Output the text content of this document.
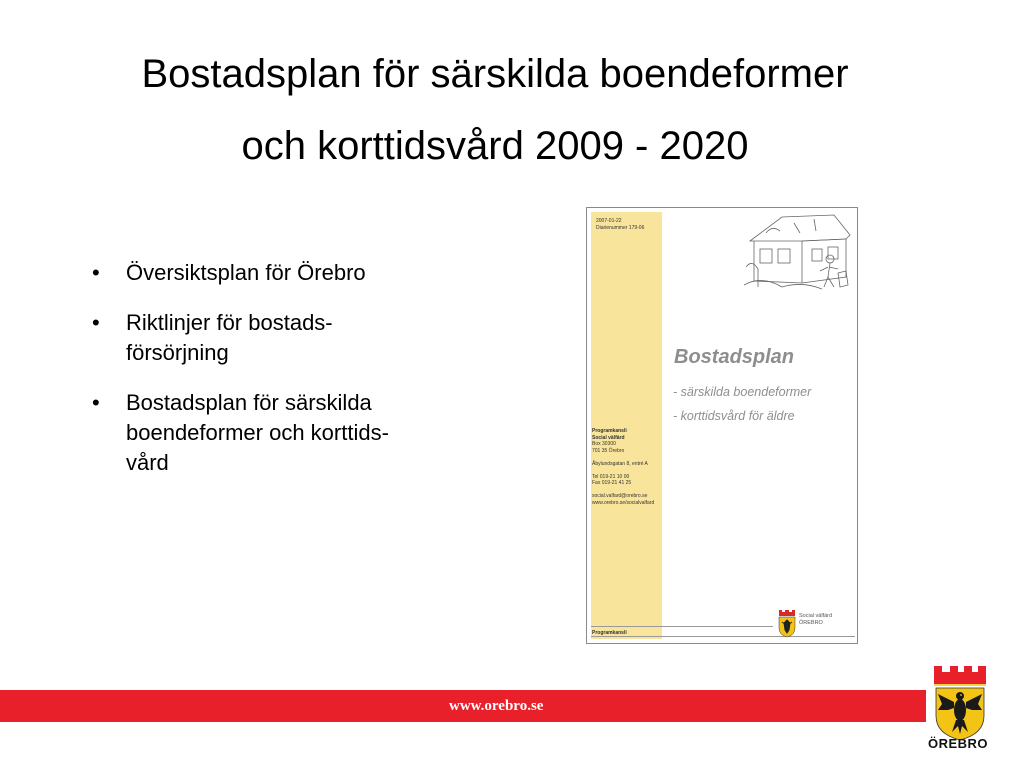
Bostadsplan för särskilda boendeformer
och korttidsvård 2009 - 2020
• Översiktsplan för Örebro
• Riktlinjer för bostads-
försörjning
• Bostadsplan för särskilda
boendeformer och korttids-
vård
2007-01-22
Diarienummer 179-06
Bostadsplan
- särskilda boendeformer
- korttidsvård för äldre
Programkansli
Social välfärd
Box 30300
701 35 Örebro

Åbylundsgatan 8, entré A

Tel 019-21 10 00
Fax 019-21 41 25

social.valfard@orebro.se
www.orebro.se/socialvalfard
Programkansli
Social välfärd
ÖREBRO
www.orebro.se
ÖREBRO
